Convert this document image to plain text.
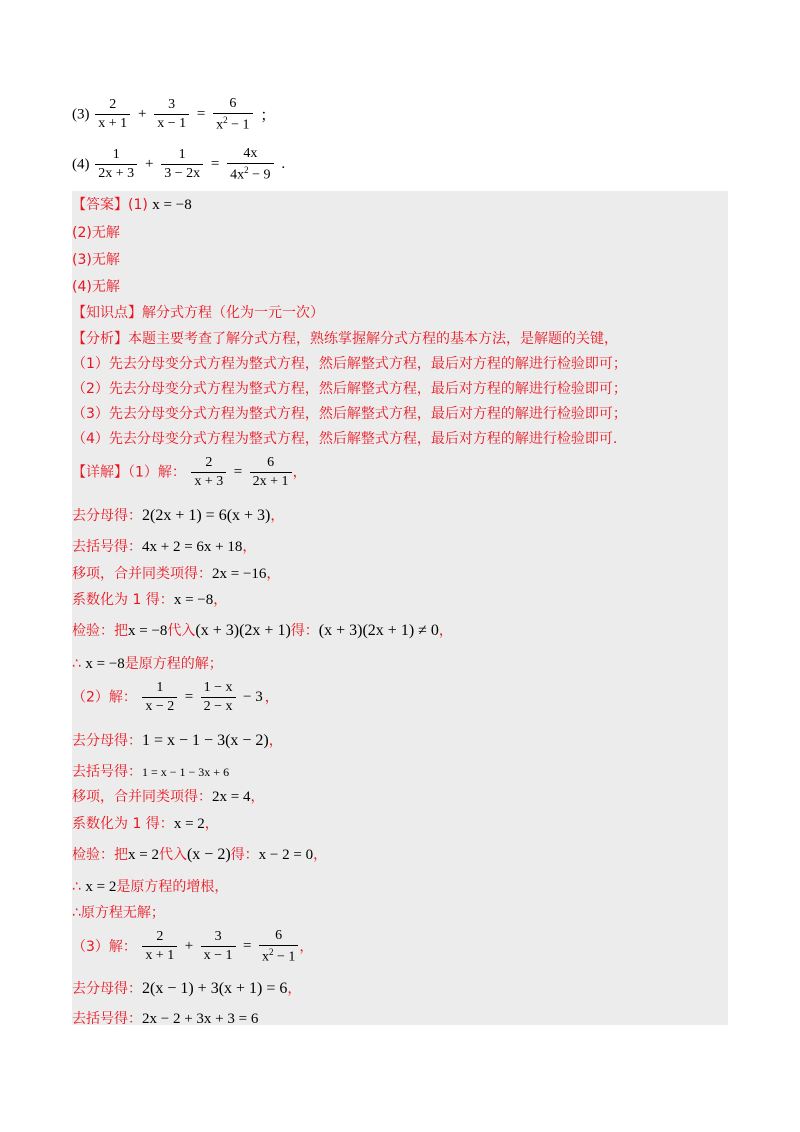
$(3) \frac{2}{x + 1} + \frac{3}{x - 1} = \frac{6}{x^2 - 1}$ ；
$(4) \frac{1}{2x + 3} + \frac{1}{3 - 2x} = \frac{4x}{4x^2 - 9}$ .
【答案】(1) x = −8
(2)无解
(3)无解
(4)无解
【知识点】解分式方程（化为一元一次）
【分析】本题主要考查了解分式方程，熟练掌握解分式方程的基本方法，是解题的关键，
（1）先去分母变分式方程为整式方程，然后解整式方程，最后对方程的解进行检验即可；
（2）先去分母变分式方程为整式方程，然后解整式方程，最后对方程的解进行检验即可；
（3）先去分母变分式方程为整式方程，然后解整式方程，最后对方程的解进行检验即可；
（4）先去分母变分式方程为整式方程，然后解整式方程，最后对方程的解进行检验即可.
【详解】（1）解： $\frac{2}{x + 3} = \frac{6}{2x + 1}$ ，
去分母得：2(2x + 1) = 6(x + 3)，
去括号得：4x + 2 = 6x + 18，
移项，合并同类项得：2x = −16，
系数化为 1 得：x = −8，
检验：把x = −8代入(x + 3)(2x + 1)得：(x + 3)(2x + 1) ≠ 0，
∴ x = −8是原方程的解；
（2）解： $\frac{1}{x - 2} = \frac{1 - x}{2 - x} - 3$ ，
去分母得：1 = x − 1 − 3(x − 2)，
去括号得：1 = x − 1 − 3x + 6
移项，合并同类项得：2x = 4，
系数化为 1 得：x = 2，
检验：把x = 2代入(x − 2)得：x − 2 = 0，
∴ x = 2是原方程的增根，
∴原方程无解；
（3）解： $\frac{2}{x + 1} + \frac{3}{x - 1} = \frac{6}{x^2 - 1}$ ，
去分母得：2(x − 1) + 3(x + 1) = 6，
去括号得：2x − 2 + 3x + 3 = 6
